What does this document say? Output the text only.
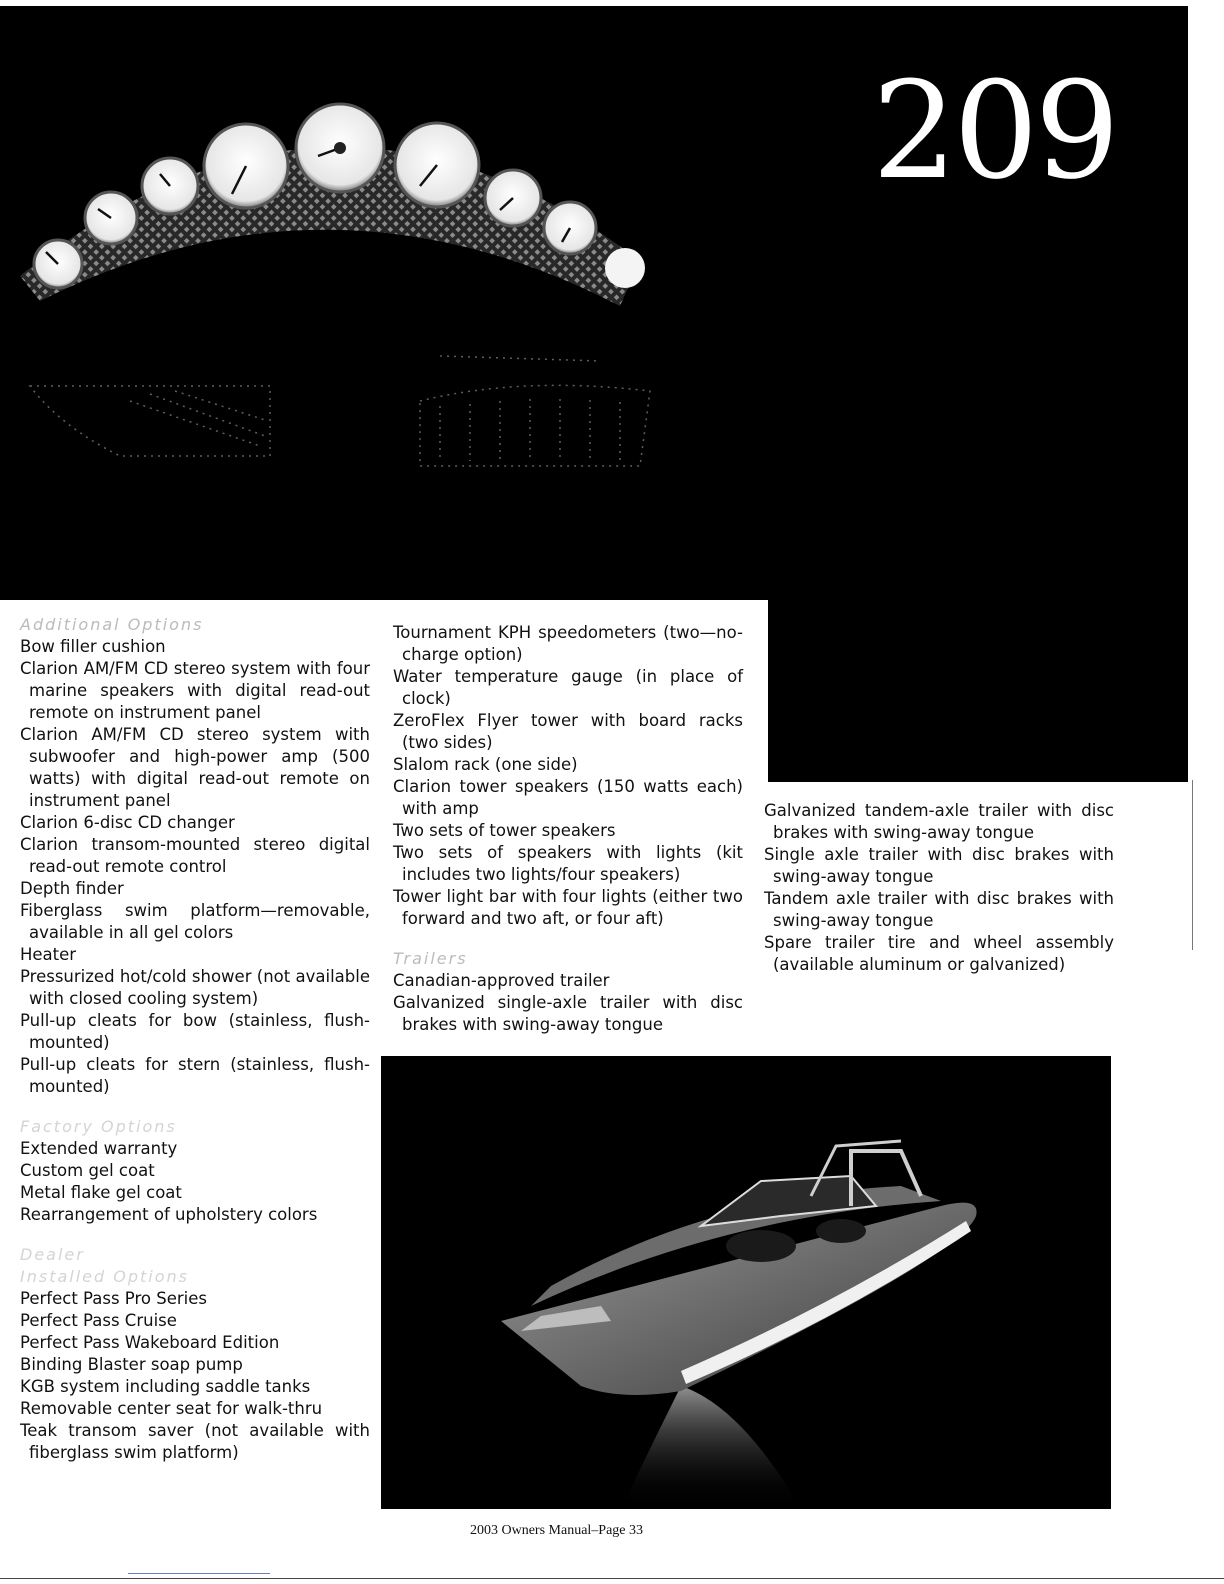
209
Additional Options
Bow filler cushion
Clarion AM/FM CD stereo system with four marine speakers with digital read-out remote on instrument panel
Clarion AM/FM CD stereo system with subwoofer and high-power amp (500 watts) with digital read-out remote on instrument panel
Clarion 6-disc CD changer
Clarion transom-mounted stereo digital read-out remote control
Depth finder
Fiberglass swim platform—removable, available in all gel colors
Heater
Pressurized hot/cold shower (not available with closed cooling system)
Pull-up cleats for bow (stainless, flush-mounted)
Pull-up cleats for stern (stainless, flush-mounted)
Factory Options
Extended warranty
Custom gel coat
Metal flake gel coat
Rearrangement of upholstery colors
Dealer
Installed Options
Perfect Pass Pro Series
Perfect Pass Cruise
Perfect Pass Wakeboard Edition
Binding Blaster soap pump
KGB system including saddle tanks
Removable center seat for walk-thru
Teak transom saver (not available with fiberglass swim platform)
Tournament KPH speedometers (two—no-charge option)
Water temperature gauge (in place of clock)
ZeroFlex Flyer tower with board racks (two sides)
Slalom rack (one side)
Clarion tower speakers (150 watts each) with amp
Two sets of tower speakers
Two sets of speakers with lights (kit includes two lights/four speakers)
Tower light bar with four lights (either two forward and two aft, or four aft)
Trailers
Canadian-approved trailer
Galvanized single-axle trailer with disc brakes with swing-away tongue
Galvanized tandem-axle trailer with disc brakes with swing-away tongue
Single axle trailer with disc brakes with swing-away tongue
Tandem axle trailer with disc brakes with swing-away tongue
Spare trailer tire and wheel assembly (available aluminum or galvanized)
2003 Owners Manual–Page 33
